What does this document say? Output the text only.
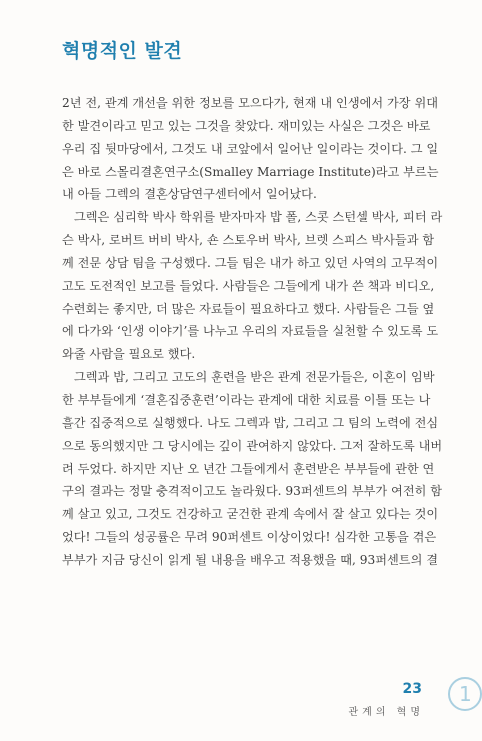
혁명적인 발견
2년 전, 관계 개선을 위한 정보를 모으다가, 현재 내 인생에서 가장 위대
한 발견이라고 믿고 있는 그것을 찾았다. 재미있는 사실은 그것은 바로
우리 집 뒷마당에서, 그것도 내 코앞에서 일어난 일이라는 것이다. 그 일
은 바로 스몰리결혼연구소(Smalley Marriage Institute)라고 부르는
내 아들 그렉의 결혼상담연구센터에서 일어났다.
그렉은 심리학 박사 학위를 받자마자 밥 폴, 스콧 스턴셀 박사, 피터 라
슨 박사, 로버트 버비 박사, 숀 스토우버 박사, 브렛 스피스 박사들과 함
께 전문 상담 팀을 구성했다. 그들 팀은 내가 하고 있던 사역의 고무적이
고도 도전적인 보고를 들었다. 사람들은 그들에게 내가 쓴 책과 비디오,
수련회는 좋지만, 더 많은 자료들이 필요하다고 했다. 사람들은 그들 옆
에 다가와 ‘인생 이야기’를 나누고 우리의 자료들을 실천할 수 있도록 도
와줄 사람을 필요로 했다.
그렉과 밥, 그리고 고도의 훈련을 받은 관계 전문가들은, 이혼이 임박
한 부부들에게 ‘결혼집중훈련’이라는 관계에 대한 치료를 이틀 또는 나
흘간 집중적으로 실행했다. 나도 그렉과 밥, 그리고 그 팀의 노력에 전심
으로 동의했지만 그 당시에는 깊이 관여하지 않았다. 그저 잘하도록 내버
려 두었다. 하지만 지난 오 년간 그들에게서 훈련받은 부부들에 관한 연
구의 결과는 정말 충격적이고도 놀라웠다. 93퍼센트의 부부가 여전히 함
께 살고 있고, 그것도 건강하고 굳건한 관계 속에서 잘 살고 있다는 것이
었다! 그들의 성공률은 무려 90퍼센트 이상이었다! 심각한 고통을 겪은
부부가 지금 당신이 읽게 될 내용을 배우고 적용했을 때, 93퍼센트의 결
23
관계의 혁명
1
